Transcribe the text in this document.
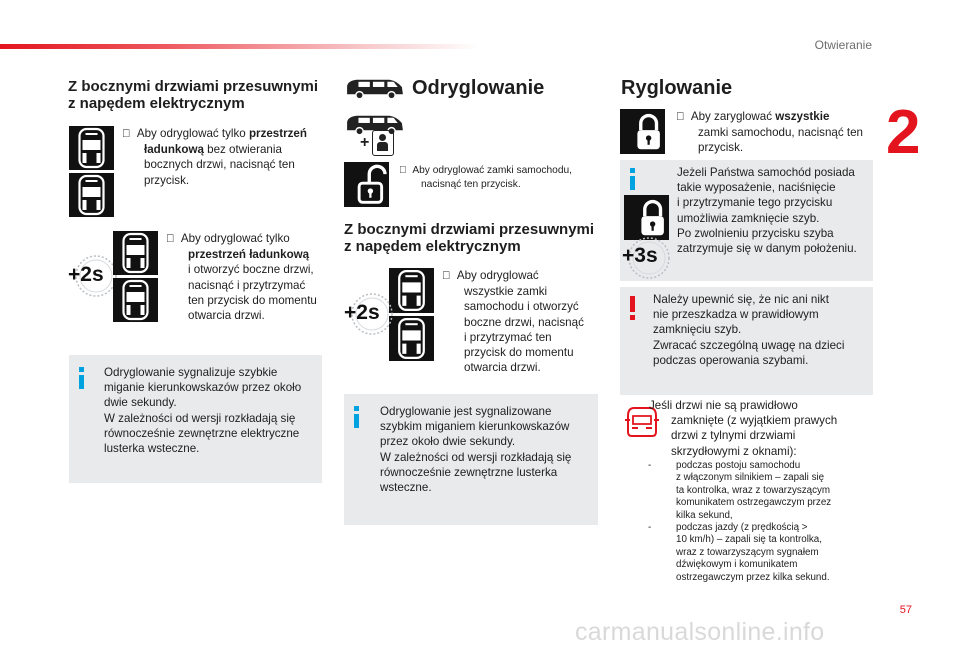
Otwieranie
2
57
Z bocznymi drzwiami przesuwnymi
z napędem elektrycznym
Aby odryglować tylko przestrzeń
ładunkową bez otwierania
bocznych drzwi, nacisnąć ten
przycisk.
+2s
Aby odryglować tylko
przestrzeń ładunkową
i otworzyć boczne drzwi,
nacisnąć i przytrzymać
ten przycisk do momentu
otwarcia drzwi.
Odryglowanie sygnalizuje szybkie
miganie kierunkowskazów przez około
dwie sekundy.
W zależności od wersji rozkładają się
równocześnie zewnętrzne elektryczne
lusterka wsteczne.
Odryglowanie
+
Aby odryglować zamki samochodu,
nacisnąć ten przycisk.
Z bocznymi drzwiami przesuwnymi
z napędem elektrycznym
+2s
Aby odryglować
wszystkie zamki
samochodu i otworzyć
boczne drzwi, nacisnąć
i przytrzymać ten
przycisk do momentu
otwarcia drzwi.
Odryglowanie jest sygnalizowane
szybkim miganiem kierunkowskazów
przez około dwie sekundy.
W zależności od wersji rozkładają się
równocześnie zewnętrzne lusterka
wsteczne.
Ryglowanie
Aby zaryglować wszystkie
zamki samochodu, nacisnąć ten
przycisk.
+3s
Jeżeli Państwa samochód posiada
takie wyposażenie, naciśnięcie
i przytrzymanie tego przycisku
umożliwia zamknięcie szyb.
Po zwolnieniu przycisku szyba
zatrzymuje się w danym położeniu.
Należy upewnić się, że nic ani nikt
nie przeszkadza w prawidłowym
zamknięciu szyb.
Zwracać szczególną uwagę na dzieci
podczas operowania szybami.
Jeśli drzwi nie są prawidłowo
zamknięte (z wyjątkiem prawych
drzwi z tylnymi drzwiami
skrzydłowymi z oknami):
-	podczas postoju samochodu
z włączonym silnikiem – zapali się
ta kontrolka, wraz z towarzyszącym
komunikatem ostrzegawczym przez
kilka sekund,
-	podczas jazdy (z prędkością >
10 km/h) – zapali się ta kontrolka,
wraz z towarzyszącym sygnałem
dźwiękowym i komunikatem
ostrzegawczym przez kilka sekund.
carmanualsonline.info
